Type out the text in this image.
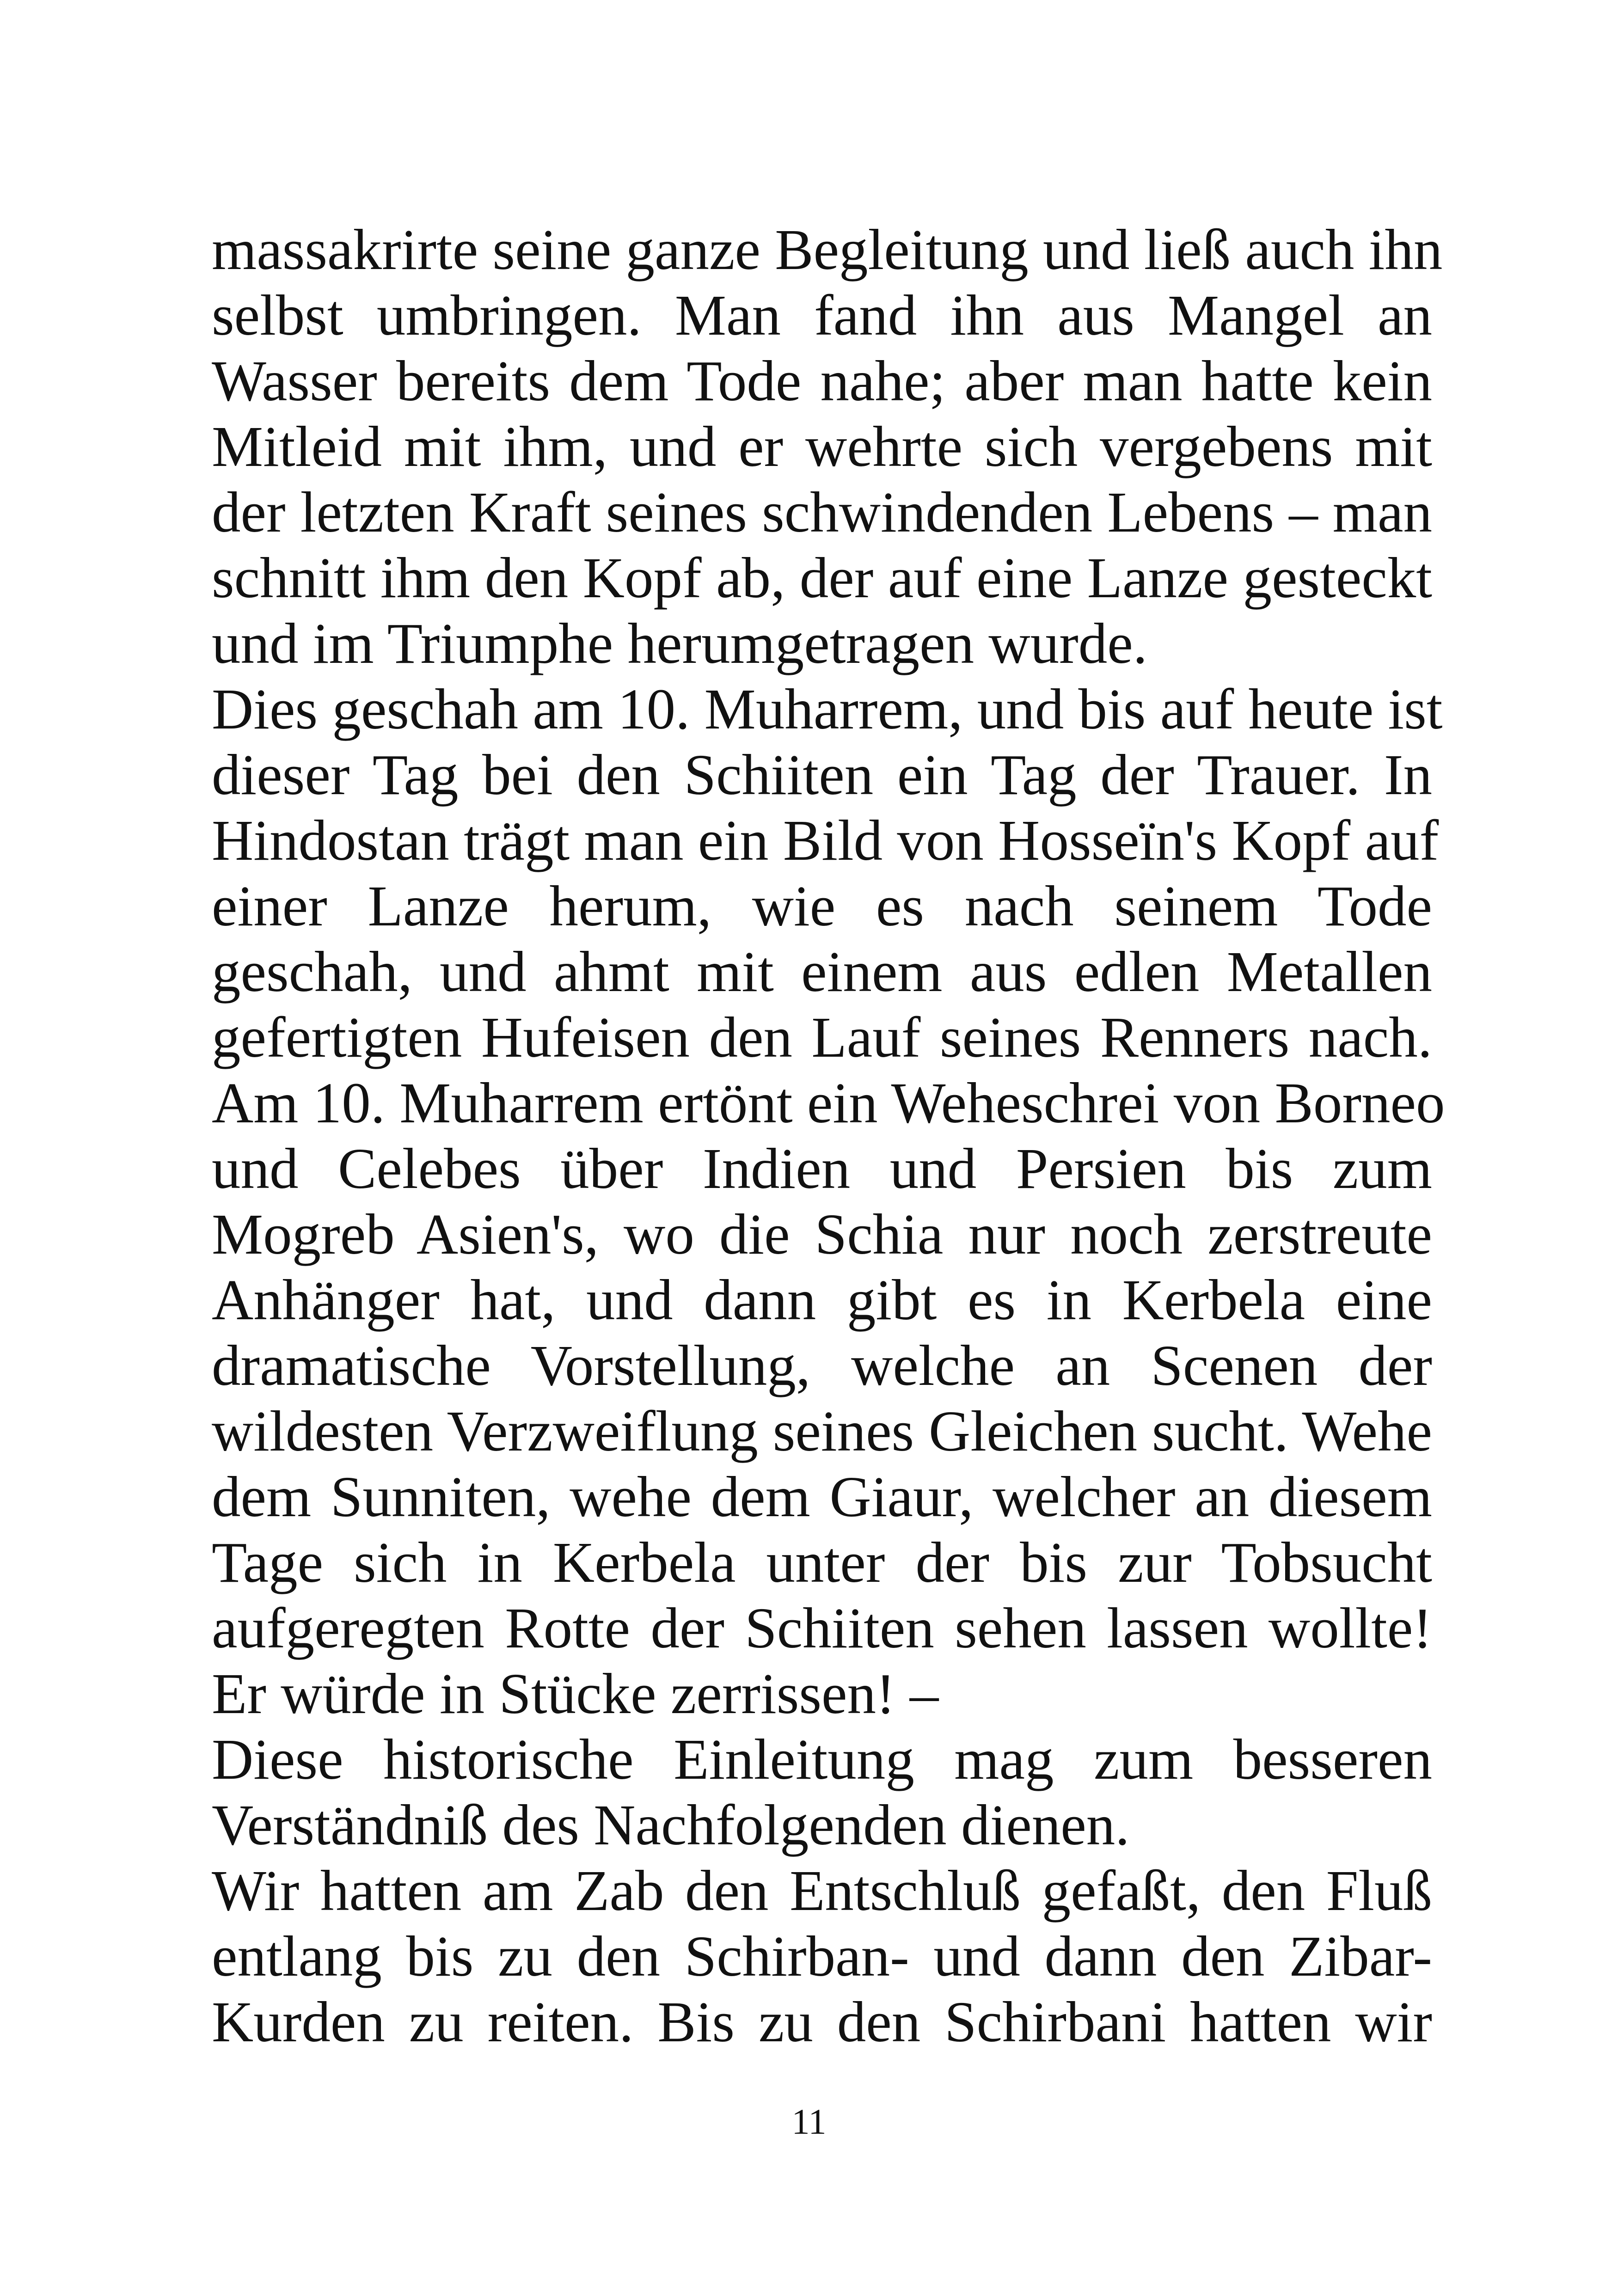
massakrirte seine ganze Begleitung und ließ auch ihn
selbst umbringen. Man fand ihn aus Mangel an
Wasser bereits dem Tode nahe; aber man hatte kein
Mitleid mit ihm, und er wehrte sich vergebens mit
der letzten Kraft seines schwindenden Lebens – man
schnitt ihm den Kopf ab, der auf eine Lanze gesteckt
und im Triumphe herumgetragen wurde.
Dies geschah am 10. Muharrem, und bis auf heute ist
dieser Tag bei den Schiiten ein Tag der Trauer. In
Hindostan trägt man ein Bild von Hosseïn's Kopf auf
einer Lanze herum, wie es nach seinem Tode
geschah, und ahmt mit einem aus edlen Metallen
gefertigten Hufeisen den Lauf seines Renners nach.
Am 10. Muharrem ertönt ein Weheschrei von Borneo
und Celebes über Indien und Persien bis zum
Mogreb Asien's, wo die Schia nur noch zerstreute
Anhänger hat, und dann gibt es in Kerbela eine
dramatische Vorstellung, welche an Scenen der
wildesten Verzweiflung seines Gleichen sucht. Wehe
dem Sunniten, wehe dem Giaur, welcher an diesem
Tage sich in Kerbela unter der bis zur Tobsucht
aufgeregten Rotte der Schiiten sehen lassen wollte!
Er würde in Stücke zerrissen! –
Diese historische Einleitung mag zum besseren
Verständniß des Nachfolgenden dienen.
Wir hatten am Zab den Entschluß gefaßt, den Fluß
entlang bis zu den Schirban- und dann den Zibar-
Kurden zu reiten. Bis zu den Schirbani hatten wir
11
